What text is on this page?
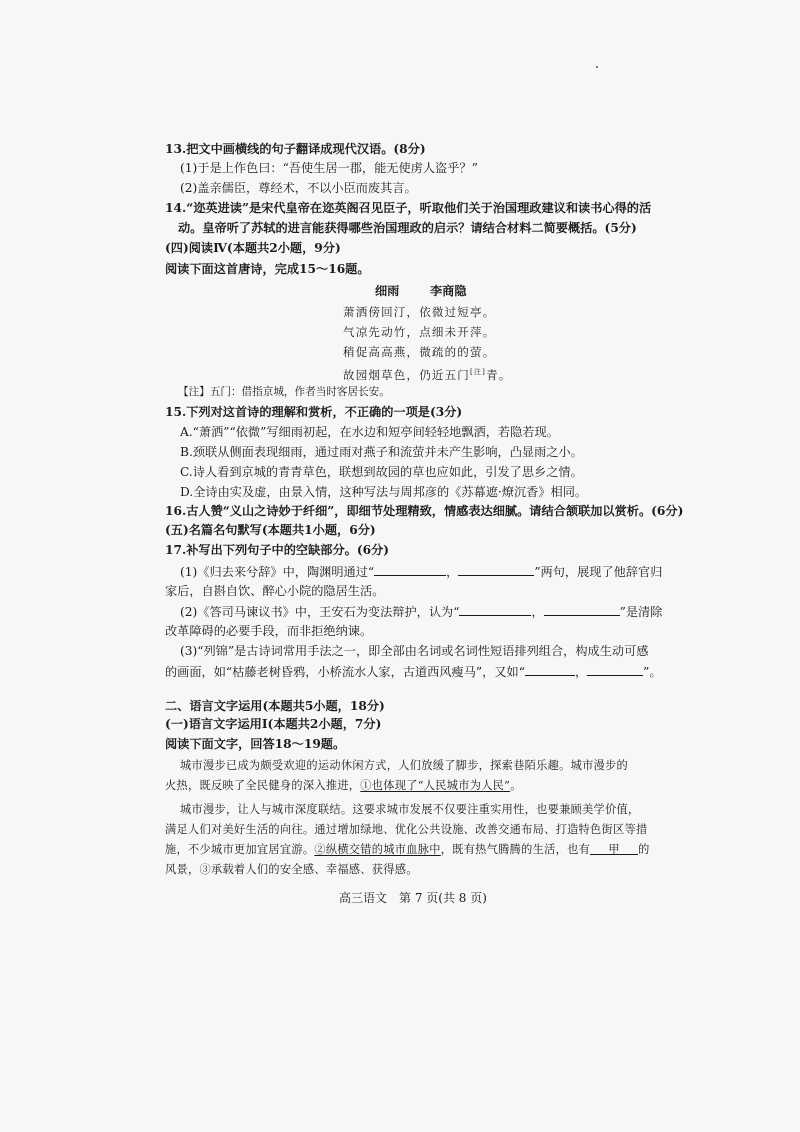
13.把文中画横线的句子翻译成现代汉语。(8分)
(1)于是上作色曰：“吾使生居一郡，能无使虏人盗乎？”
(2)盖亲儒臣，尊经术，不以小臣而废其言。
14.“迩英进读”是宋代皇帝在迩英阁召见臣子，听取他们关于治国理政建议和读书心得的活
动。皇帝听了苏轼的进言能获得哪些治国理政的启示？请结合材料二简要概括。(5分)
(四)阅读Ⅳ(本题共2小题，9分)
阅读下面这首唐诗，完成15～16题。
细雨	李商隐
萧洒傍回汀，依微过短亭。
气凉先动竹，点细未开萍。
稍促高高燕，微疏的的萤。
故园烟草色，仍近五门[注]青。
【注】五门：借指京城，作者当时客居长安。
15.下列对这首诗的理解和赏析，不正确的一项是(3分)
A.“萧洒”“依微”写细雨初起，在水边和短亭间轻轻地飘洒，若隐若现。
B.颈联从侧面表现细雨，通过雨对燕子和流萤并未产生影响，凸显雨之小。
C.诗人看到京城的青青草色，联想到故园的草也应如此，引发了思乡之情。
D.全诗由实及虚，由景入情，这种写法与周邦彦的《苏幕遮·燎沉香》相同。
16.古人赞“义山之诗妙于纤细”，即细节处理精致，情感表达细腻。请结合颔联加以赏析。(6分)
(五)名篇名句默写(本题共1小题，6分)
17.补写出下列句子中的空缺部分。(6分)
(1)《归去来兮辞》中，陶渊明通过“	，	”两句，展现了他辞官归
家后，自斟自饮、醉心小院的隐居生活。
(2)《答司马谏议书》中，王安石为变法辩护，认为“	，	”是清除
改革障碍的必要手段，而非拒绝纳谏。
(3)“列锦”是古诗词常用手法之一，即全部由名词或名词性短语排列组合，构成生动可感
的画面，如“枯藤老树昏鸦，小桥流水人家，古道西风瘦马”，又如“	，	”。
二、语言文字运用(本题共5小题，18分)
(一)语言文字运用Ⅰ(本题共2小题，7分)
阅读下面文字，回答18～19题。
城市漫步已成为颇受欢迎的运动休闲方式，人们放缓了脚步，探索巷陌乐趣。城市漫步的
火热，既反映了全民健身的深入推进，①也体现了“人民城市为人民”。
城市漫步，让人与城市深度联结。这要求城市发展不仅要注重实用性，也要兼顾美学价值，
满足人们对美好生活的向往。通过增加绿地、优化公共设施、改善交通布局、打造特色街区等措
施，不少城市更加宜居宜游。②纵横交错的城市血脉中，既有热气腾腾的生活，也有 甲 的
风景，③承载着人们的安全感、幸福感、获得感。
高三语文　第 7 页(共 8 页)
